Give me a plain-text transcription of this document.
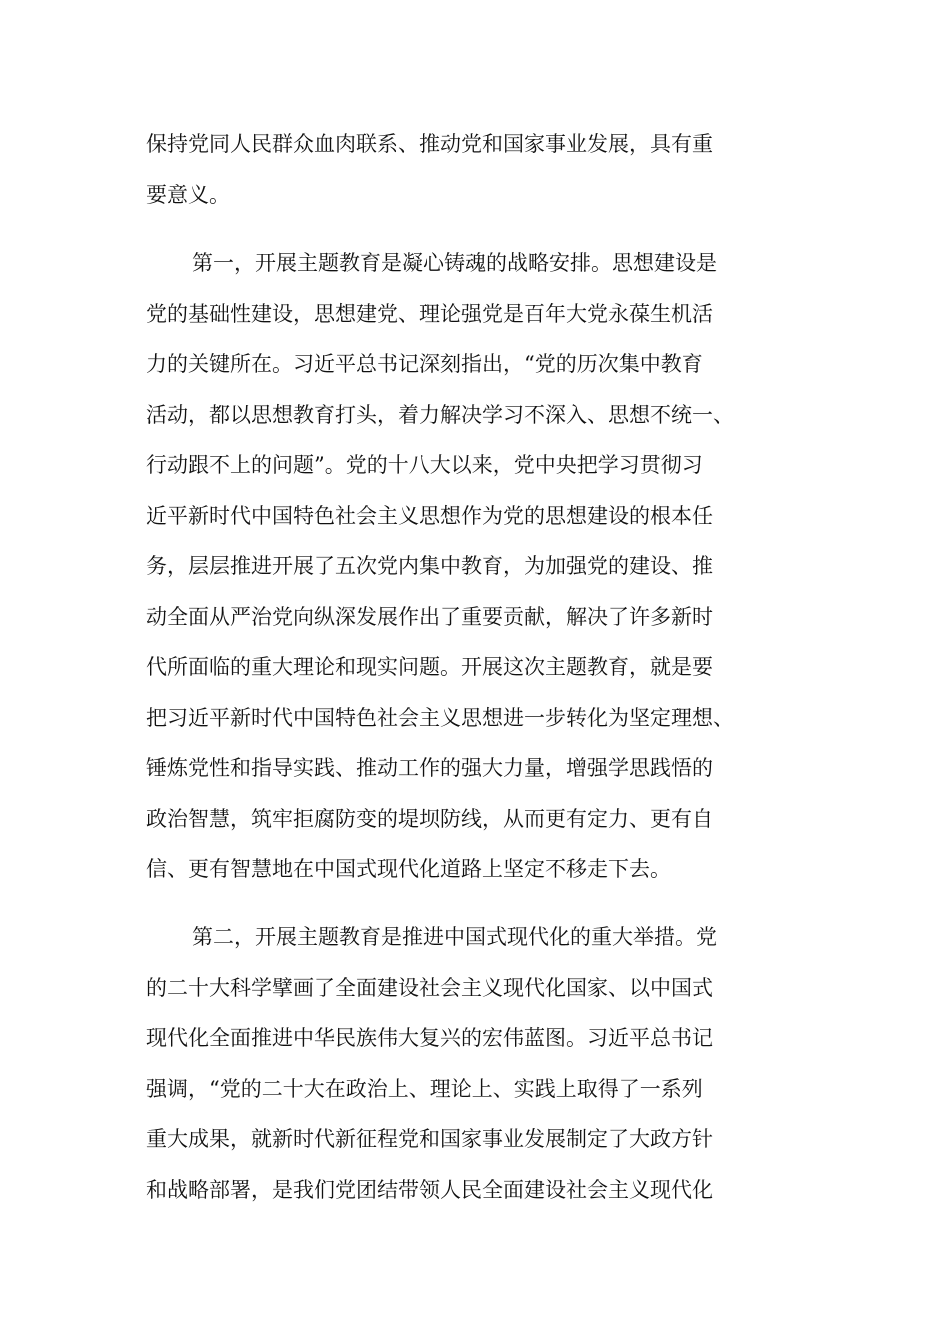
保持党同人民群众血肉联系、推动党和国家事业发展，具有重
要意义。
第一，开展主题教育是凝心铸魂的战略安排。思想建设是
党的基础性建设，思想建党、理论强党是百年大党永葆生机活
力的关键所在。习近平总书记深刻指出，“党的历次集中教育
活动，都以思想教育打头，着力解决学习不深入、思想不统一、
行动跟不上的问题”。党的十八大以来，党中央把学习贯彻习
近平新时代中国特色社会主义思想作为党的思想建设的根本任
务，层层推进开展了五次党内集中教育，为加强党的建设、推
动全面从严治党向纵深发展作出了重要贡献，解决了许多新时
代所面临的重大理论和现实问题。开展这次主题教育，就是要
把习近平新时代中国特色社会主义思想进一步转化为坚定理想、
锤炼党性和指导实践、推动工作的强大力量，增强学思践悟的
政治智慧，筑牢拒腐防变的堤坝防线，从而更有定力、更有自
信、更有智慧地在中国式现代化道路上坚定不移走下去。
第二，开展主题教育是推进中国式现代化的重大举措。党
的二十大科学擘画了全面建设社会主义现代化国家、以中国式
现代化全面推进中华民族伟大复兴的宏伟蓝图。习近平总书记
强调，“党的二十大在政治上、理论上、实践上取得了一系列
重大成果，就新时代新征程党和国家事业发展制定了大政方针
和战略部署，是我们党团结带领人民全面建设社会主义现代化
